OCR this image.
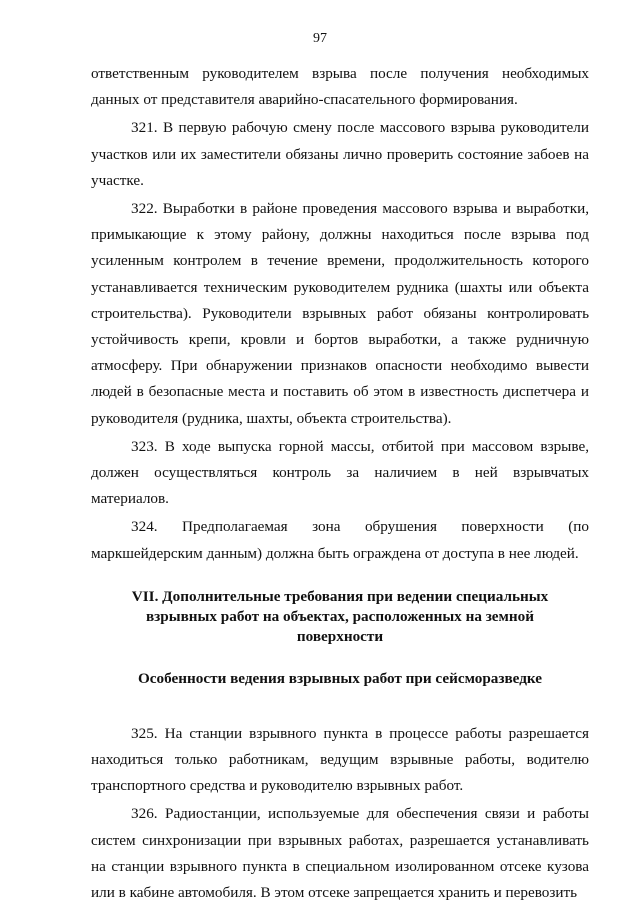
97

ответственным руководителем взрыва после получения необходимых данных от представителя аварийно-спасательного формирования.

321. В первую рабочую смену после массового взрыва руководители участков или их заместители обязаны лично проверить состояние забоев на участке.

322. Выработки в районе проведения массового взрыва и выработки, примыкающие к этому району, должны находиться после взрыва под усиленным контролем в течение времени, продолжительность которого устанавливается техническим руководителем рудника (шахты или объекта строительства). Руководители взрывных работ обязаны контролировать устойчивость крепи, кровли и бортов выработки, а также рудничную атмосферу. При обнаружении признаков опасности необходимо вывести людей в безопасные места и поставить об этом в известность диспетчера и руководителя (рудника, шахты, объекта строительства).

323. В ходе выпуска горной массы, отбитой при массовом взрыве, должен осуществляться контроль за наличием в ней взрывчатых материалов.

324. Предполагаемая зона обрушения поверхности (по маркшейдерским данным) должна быть ограждена от доступа в нее людей.

VII. Дополнительные требования при ведении специальных взрывных работ на объектах, расположенных на земной поверхности
Особенности ведения взрывных работ при сейсморазведке

325. На станции взрывного пункта в процессе работы разрешается находиться только работникам, ведущим взрывные работы, водителю транспортного средства и руководителю взрывных работ.

326. Радиостанции, используемые для обеспечения связи и работы систем синхронизации при взрывных работах, разрешается устанавливать на станции взрывного пункта в специальном изолированном отсеке кузова или в кабине автомобиля. В этом отсеке запрещается хранить и перевозить
